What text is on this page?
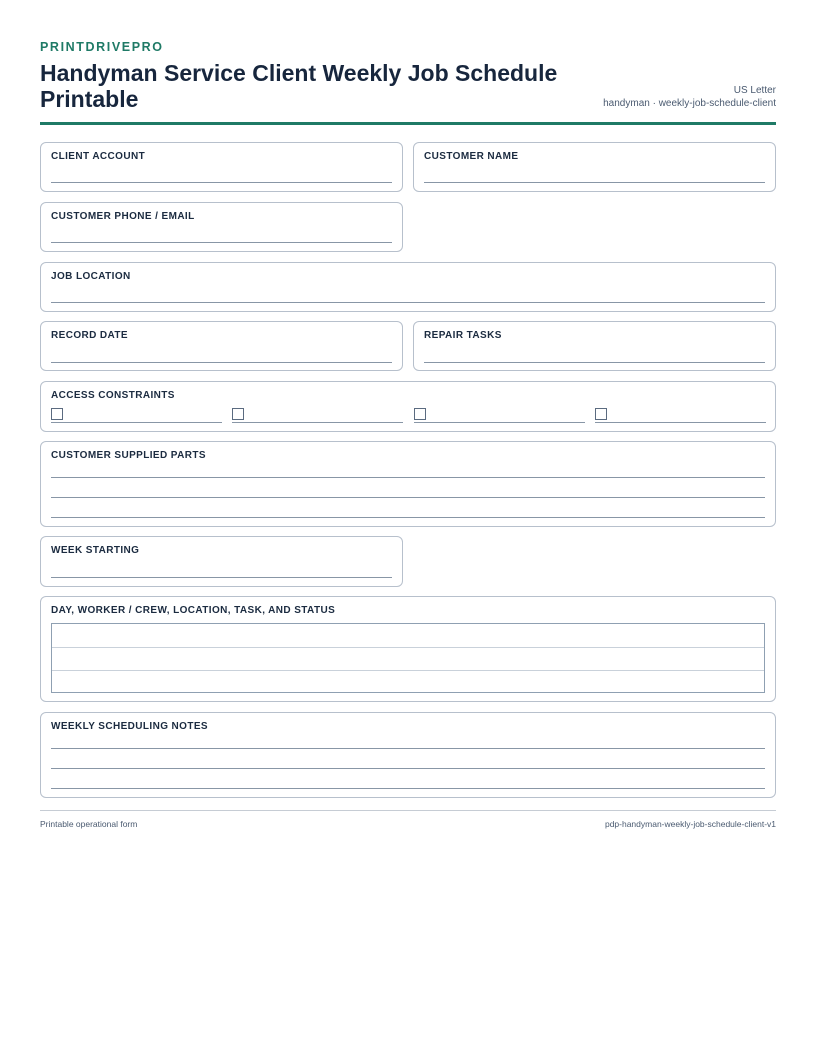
PRINTDRIVEPRO

Handyman Service Client Weekly Job Schedule Printable	US Letter
handyman · weekly-job-schedule-client
CLIENT ACCOUNT	CUSTOMER NAME
CUSTOMER PHONE / EMAIL
JOB LOCATION
RECORD DATE	REPAIR TASKS
ACCESS CONSTRAINTS
CUSTOMER SUPPLIED PARTS
WEEK STARTING
DAY, WORKER / CREW, LOCATION, TASK, AND STATUS
WEEKLY SCHEDULING NOTES
Printable operational form	pdp-handyman-weekly-job-schedule-client-v1
